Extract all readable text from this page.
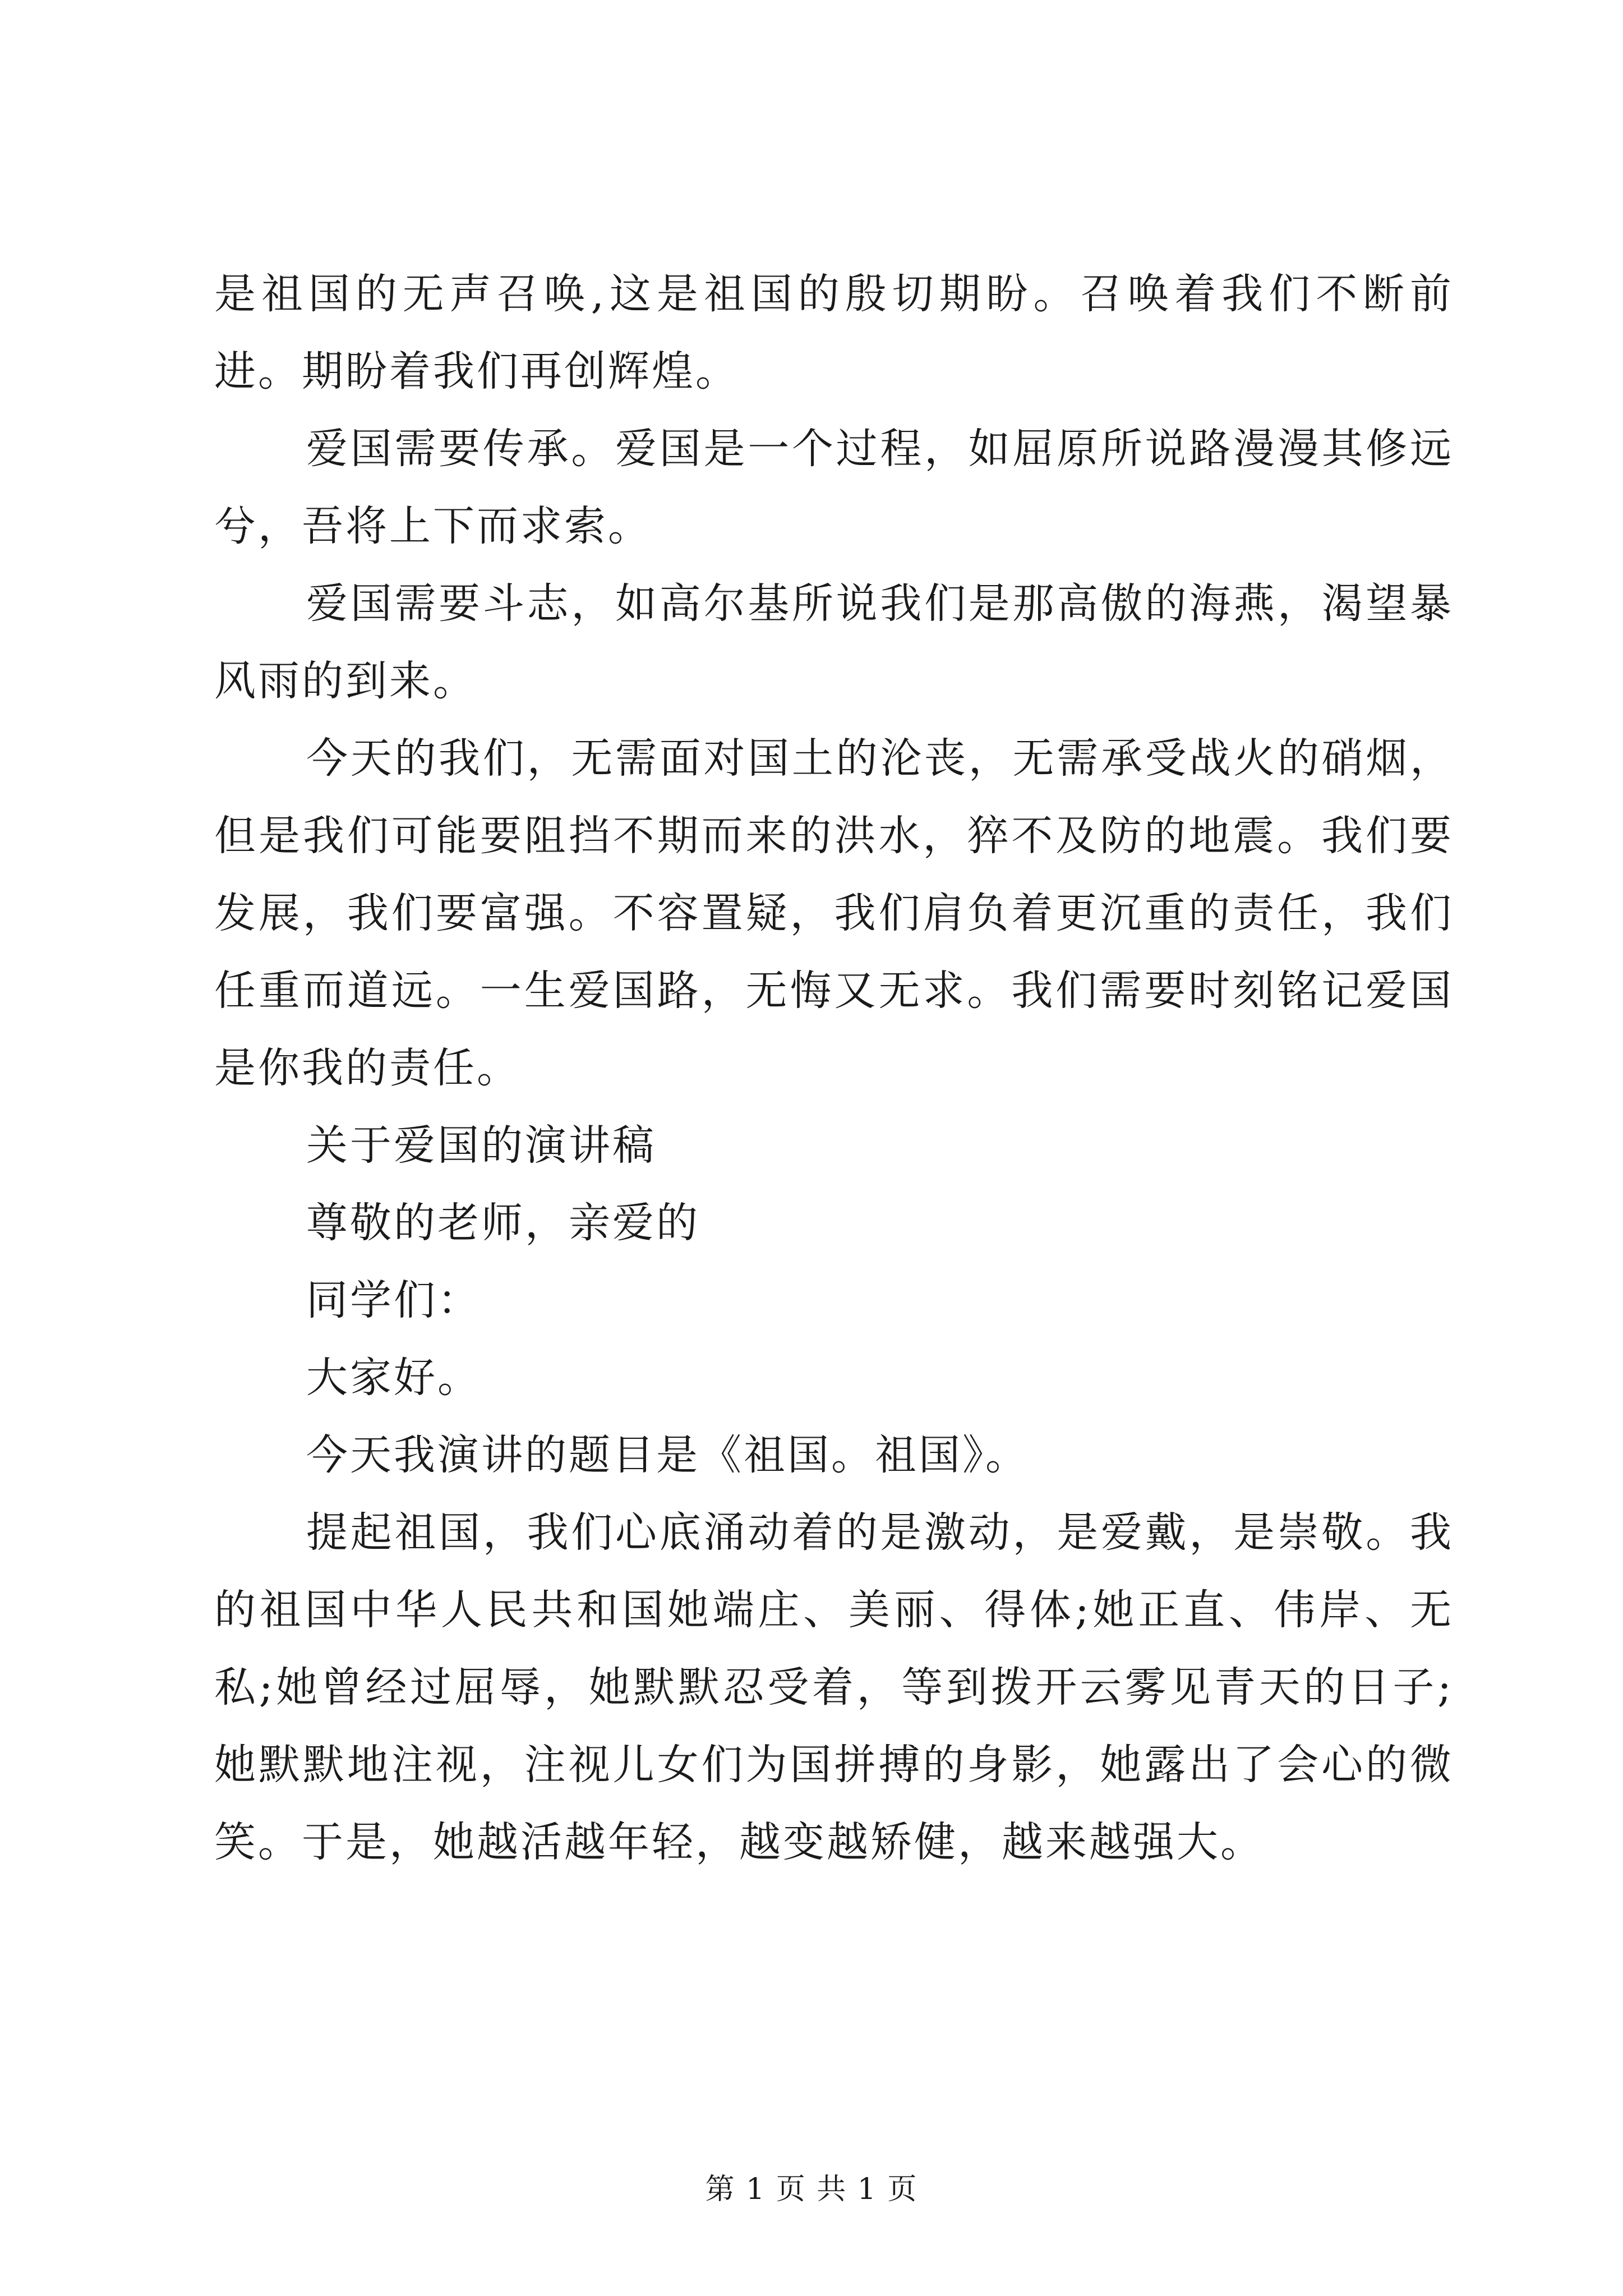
是祖国的无声召唤,这是祖国的殷切期盼。召唤着我们不断前进。期盼着我们再创辉煌。

爱国需要传承。爱国是一个过程，如屈原所说路漫漫其修远兮，吾将上下而求索。

爱国需要斗志，如高尔基所说我们是那高傲的海燕，渴望暴风雨的到来。

今天的我们，无需面对国土的沦丧，无需承受战火的硝烟，但是我们可能要阻挡不期而来的洪水，猝不及防的地震。我们要发展，我们要富强。不容置疑，我们肩负着更沉重的责任，我们任重而道远。一生爱国路，无悔又无求。我们需要时刻铭记爱国是你我的责任。

关于爱国的演讲稿

尊敬的老师，亲爱的

同学们：

大家好。

今天我演讲的题目是《祖国。祖国》。

提起祖国，我们心底涌动着的是激动，是爱戴，是崇敬。我的祖国中华人民共和国她端庄、美丽、得体;她正直、伟岸、无私;她曾经过屈辱，她默默忍受着，等到拨开云雾见青天的日子;她默默地注视，注视儿女们为国拼搏的身影，她露出了会心的微笑。于是，她越活越年轻，越变越矫健，越来越强大。

第 1 页 共 1 页
